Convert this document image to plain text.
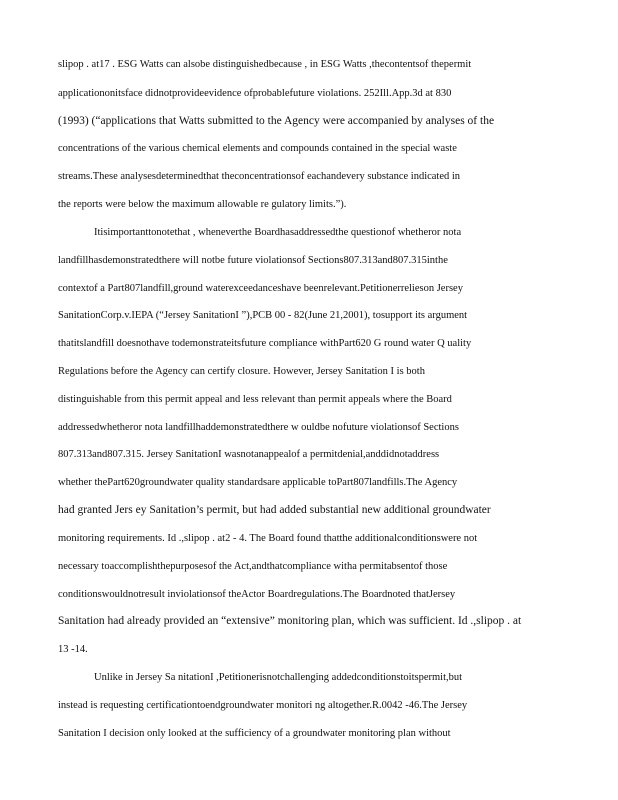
slipop . at17 . ESG Watts can alsobe distinguishedbecause , in ESG Watts ,thecontentsof thepermit
applicationonitsface didnotprovideevidence ofprobablefuture violations. 252Ill.App.3d at 830
(1993) (“applications that Watts submitted to the Agency were accompanied by analyses of the
concentrations of the various chemical elements and compounds contained in the special waste
streams.These analysesdeterminedthat theconcentrationsof eachandevery substance indicated in
the reports were below the maximum allowable re gulatory limits.”).
Itisimportanttonotethat , wheneverthe Boardhasaddressedthe questionof whetheror nota
landfillhasdemonstratedthere will notbe future violationsof Sections807.313and807.315inthe
contextof a Part807landfill,ground waterexceedanceshave beenrelevant.Petitionerrelieson Jersey
SanitationCorp.v.IEPA (“Jersey SanitationI ”),PCB 00 - 82(June 21,2001), tosupport its argument
thatitslandfill doesnothave todemonstrateitsfuture compliance withPart620 G round water Q uality
Regulations before the Agency can certify closure. However, Jersey Sanitation I is both
distinguishable from this permit appeal and less relevant than permit appeals where the Board
addressedwhetheror nota landfillhaddemonstratedthere w ouldbe nofuture violationsof Sections
807.313and807.315. Jersey SanitationI wasnotanappealof a permitdenial,anddidnotaddress
whether thePart620groundwater quality standardsare applicable toPart807landfills.The Agency
had granted Jers ey Sanitation’s permit, but had added substantial new additional groundwater
monitoring requirements. Id .,slipop . at2 - 4. The Board found thatthe additionalconditionswere not
necessary toaccomplishthepurposesof the Act,andthatcompliance witha permitabsentof those
conditionswouldnotresult inviolationsof theActor Boardregulations.The Boardnoted thatJersey
Sanitation had already provided an “extensive” monitoring plan, which was sufficient. Id .,slipop . at
13 -14.
Unlike in Jersey Sa nitationI ,Petitionerisnotchallenging addedconditionstoitspermit,but
instead is requesting certificationtoendgroundwater monitori ng altogether.R.0042 -46.The Jersey
Sanitation I decision only looked at the sufficiency of a groundwater monitoring plan without
